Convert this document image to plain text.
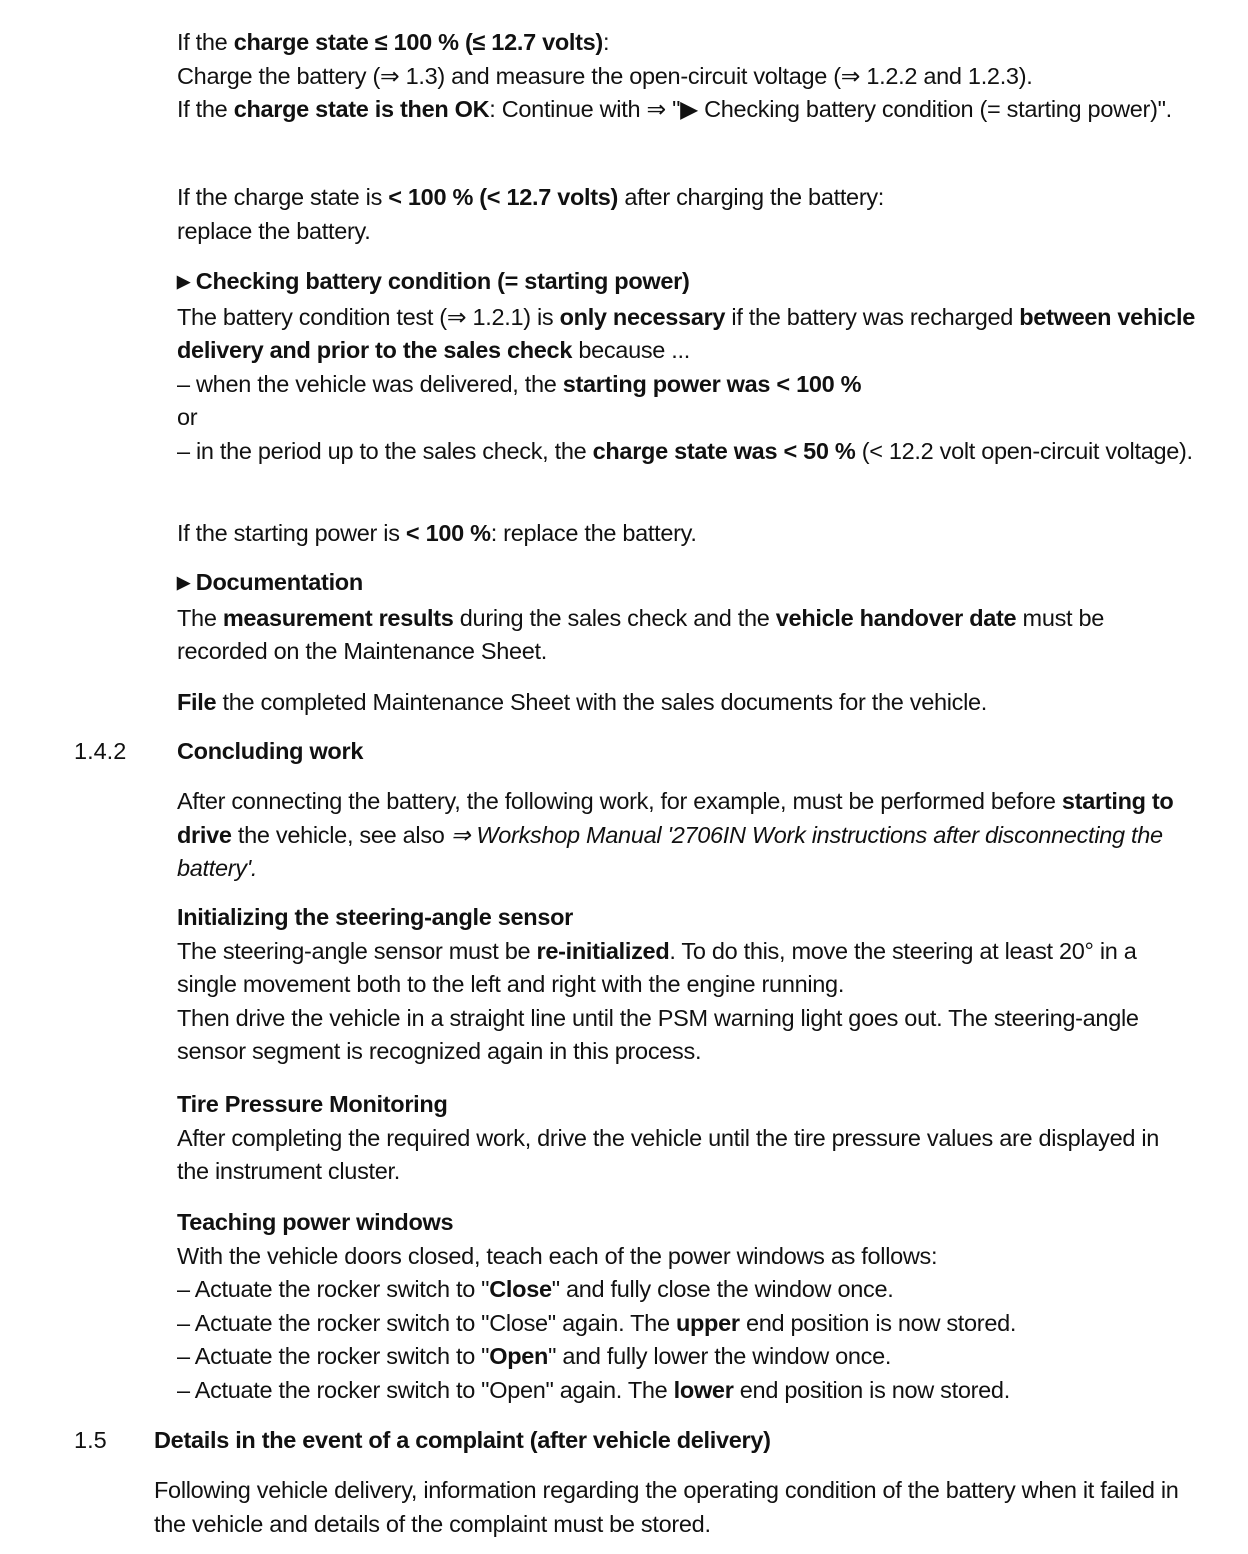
If the charge state ≤ 100 % (≤ 12.7 volts):

Charge the battery (⇒ 1.3) and measure the open-circuit voltage (⇒ 1.2.2 and 1.2.3).

If the charge state is then OK: Continue with ⇒ "▶ Checking battery condition (= starting power)".

If the charge state is < 100 % (< 12.7 volts) after charging the battery:

replace the battery.

▶ Checking battery condition (= starting power)

The battery condition test (⇒ 1.2.1) is only necessary if the battery was recharged between vehicle delivery and prior to the sales check because ...

– when the vehicle was delivered, the starting power was < 100 %

or

– in the period up to the sales check, the charge state was < 50 % (< 12.2 volt open-circuit voltage).

If the starting power is < 100 %: replace the battery.

▶ Documentation

The measurement results during the sales check and the vehicle handover date must be recorded on the Maintenance Sheet.

File the completed Maintenance Sheet with the sales documents for the vehicle.

1.4.2 Concluding work

After connecting the battery, the following work, for example, must be performed before starting to drive the vehicle, see also ⇒ Workshop Manual '2706IN Work instructions after disconnecting the battery'.

Initializing the steering-angle sensor

The steering-angle sensor must be re-initialized. To do this, move the steering at least 20° in a single movement both to the left and right with the engine running.

Then drive the vehicle in a straight line until the PSM warning light goes out. The steering-angle sensor segment is recognized again in this process.

Tire Pressure Monitoring

After completing the required work, drive the vehicle until the tire pressure values are displayed in the instrument cluster.

Teaching power windows

With the vehicle doors closed, teach each of the power windows as follows:

– Actuate the rocker switch to "Close" and fully close the window once.

– Actuate the rocker switch to "Close" again. The upper end position is now stored.

– Actuate the rocker switch to "Open" and fully lower the window once.

– Actuate the rocker switch to "Open" again. The lower end position is now stored.

1.5 Details in the event of a complaint (after vehicle delivery)

Following vehicle delivery, information regarding the operating condition of the battery when it failed in the vehicle and details of the complaint must be stored.
